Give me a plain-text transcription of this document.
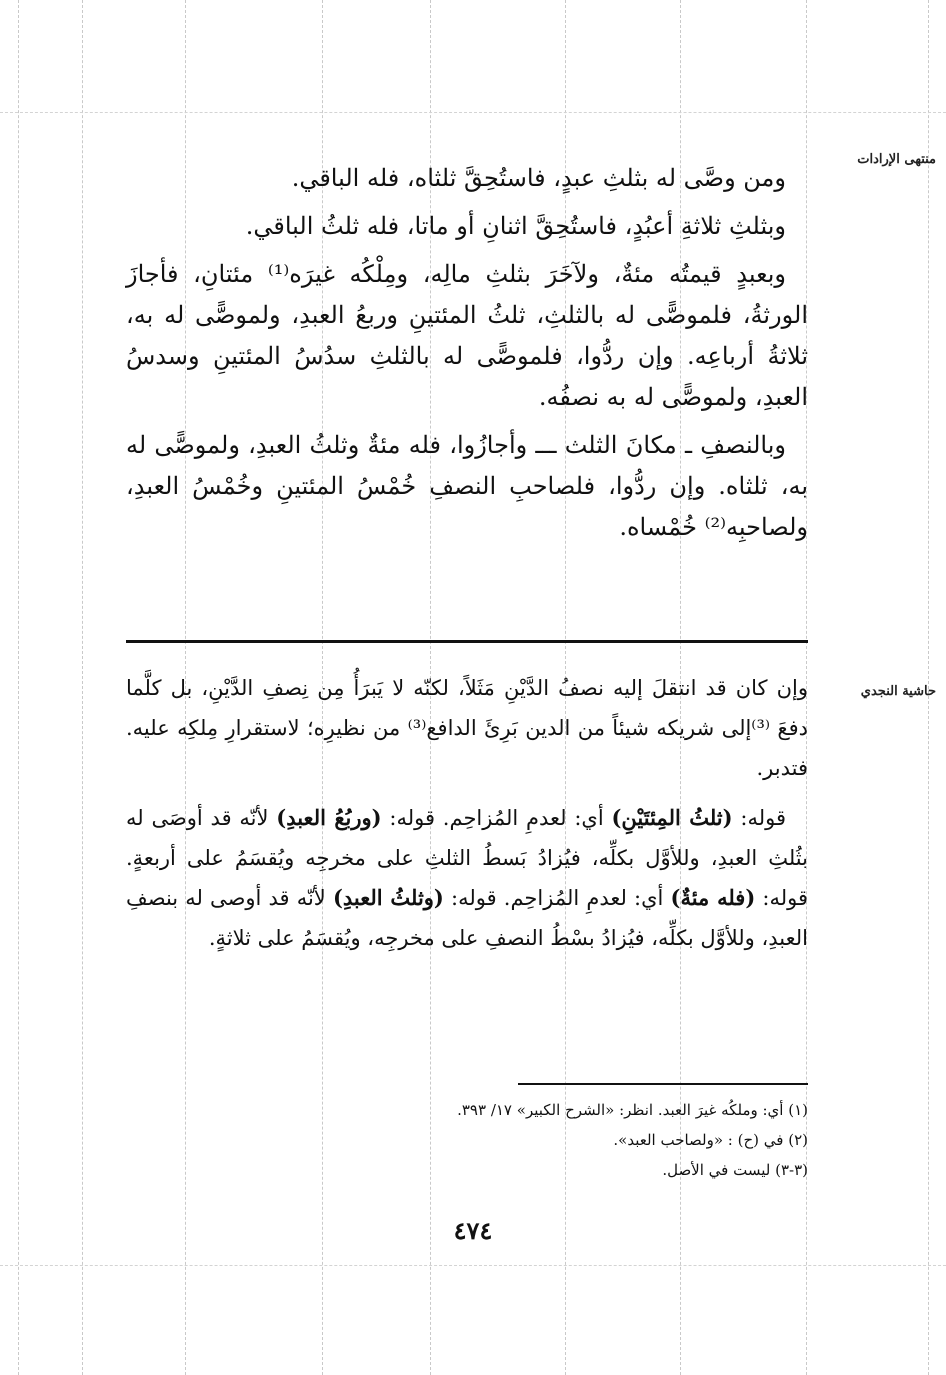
منتهى الإرادات
حاشية النجدي

ومن وصَّى له بثلثِ عبدٍ، فاستُحِقَّ ثلثاه، فله الباقي.

وبثلثِ ثلاثةِ أعبُدٍ، فاستُحِقَّ اثنانِ أو ماتا، فله ثلثُ الباقي.

وبعبدٍ قيمتُه مئةٌ، ولآخَرَ بثلثِ مالِه، ومِلْكُه غيرَه⁽¹⁾ مئتانِ، فأجازَ الورثةُ، فلموصًّى له بالثلثِ، ثلثُ المئتينِ وربعُ العبدِ، ولموصًّى له به، ثلاثةُ أرباعِه. وإن ردُّوا، فلموصًّى له بالثلثِ سدُسُ المئتينِ وسدسُ العبدِ، ولموصًّى له به نصفُه.

وبالنصفِ ـ مكانَ الثلث ـــ وأجازُوا، فله مئةٌ وثلثُ العبدِ، ولموصًّى له به، ثلثاه. وإن ردُّوا، فلصاحبِ النصفِ خُمْسُ المئتينِ وخُمْسُ العبدِ، ولصاحبِه⁽²⁾ خُمْساه.

وإن كان قد انتقلَ إليه نصفُ الدَّيْنِ مَثَلاً، لكنّه لا يَبرَأُ مِن نِصفِ الدَّيْنِ، بل كلَّما دفعَ ⁽³⁾إلى شريكه شيئاً من الدين بَرِئَ الدافع⁽³⁾ من نظيرِه؛ لاستقرارِ مِلكِه عليه. فتدبر.

قوله: (ثلثُ المِئتَيْنِ) أي: لعدمِ المُزاحِم. قوله: (وربُعُ العبدِ) لأنّه قد أوصَى له بثُلثِ العبدِ، وللأوَّل بكلِّه، فيُزادُ بَسطُ الثلثِ على مخرجِه ويُقسَمُ على أربعةٍ. قوله: (فله مئةٌ) أي: لعدمِ المُزاحِم. قوله: (وثلثُ العبدِ) لأنّه قد أوصى له بنصفِ العبدِ، وللأوَّل بكلِّه، فيُزادُ بسْطُ النصفِ على مخرجِه، ويُقسَمُ على ثلاثةٍ.

(١) أي: وملكُه غيرَ العبد. انظر: «الشرح الكبير» ١٧/ ٣٩٣.
(٢) في (ح) : «ولصاحب العبد».
(٣-٣) ليست في الأصل.
٤٧٤
